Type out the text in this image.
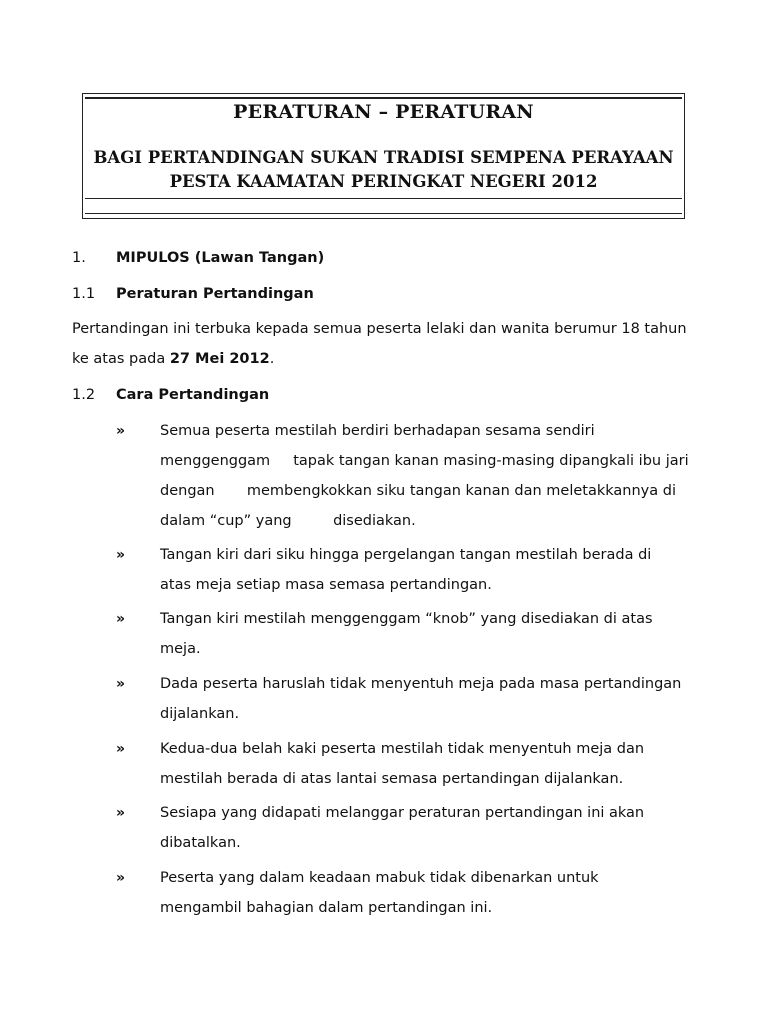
PERATURAN – PERATURAN
BAGI PERTANDINGAN SUKAN TRADISI SEMPENA PERAYAAN
PESTA KAAMATAN PERINGKAT NEGERI 2012
1. MIPULOS (Lawan Tangan)
1.1 Peraturan Pertandingan
Pertandingan ini terbuka kepada semua peserta lelaki dan wanita berumur 18 tahun
ke atas pada 27 Mei 2012.
1.2 Cara Pertandingan
» Semua peserta mestilah berdiri berhadapan sesama sendiri
menggenggam     tapak tangan kanan masing-masing dipangkali ibu jari
dengan       membengkokkan siku tangan kanan dan meletakkannya di
dalam “cup” yang         disediakan.
» Tangan kiri dari siku hingga pergelangan tangan mestilah berada di
atas meja setiap masa semasa pertandingan.
» Tangan kiri mestilah menggenggam “knob” yang disediakan di atas
meja.
» Dada peserta haruslah tidak menyentuh meja pada masa pertandingan
dijalankan.
» Kedua-dua belah kaki peserta mestilah tidak menyentuh meja dan
mestilah berada di atas lantai semasa pertandingan dijalankan.
» Sesiapa yang didapati melanggar peraturan pertandingan ini akan
dibatalkan.
» Peserta yang dalam keadaan mabuk tidak dibenarkan untuk
mengambil bahagian dalam pertandingan ini.
